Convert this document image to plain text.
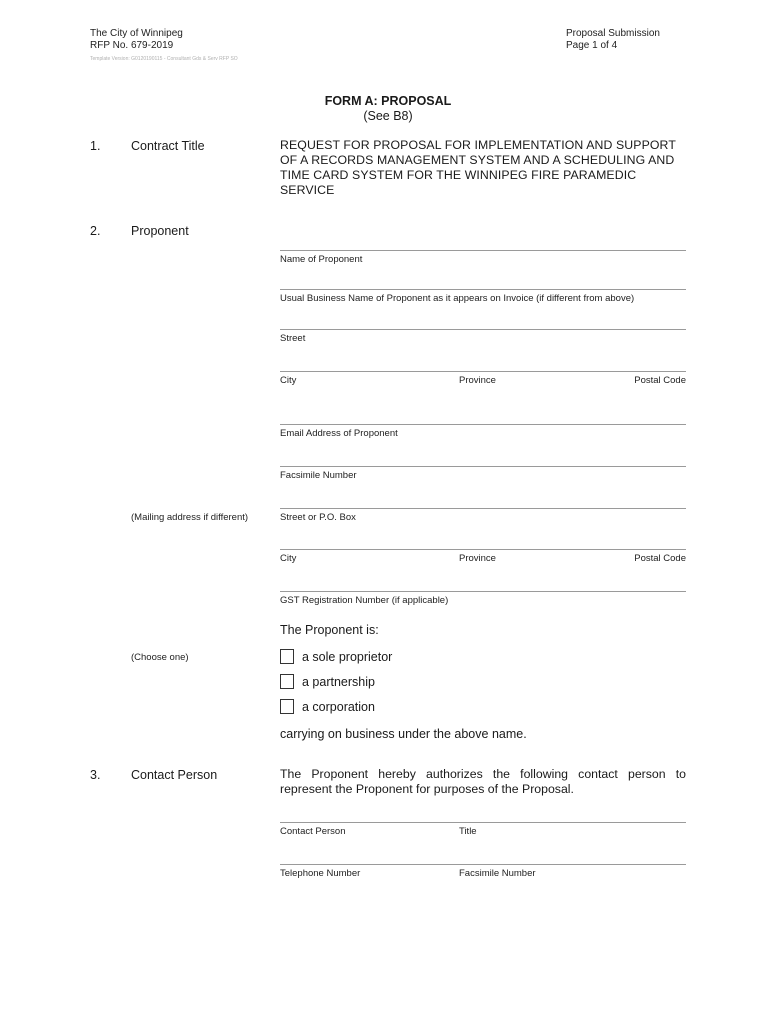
The City of Winnipeg
RFP No. 679-2019
Template Version: G0120190115 - Consultant Gds & Serv RFP SO
Proposal Submission
Page 1 of 4
FORM A: PROPOSAL
(See B8)
1. Contract Title	REQUEST FOR PROPOSAL FOR IMPLEMENTATION AND SUPPORT OF A RECORDS MANAGEMENT SYSTEM AND A SCHEDULING AND TIME CARD SYSTEM FOR THE WINNIPEG FIRE PARAMEDIC SERVICE
2. Proponent
Name of Proponent
Usual Business Name of Proponent as it appears on Invoice (if different from above)
Street
City	Province	Postal Code
Email Address of Proponent
Facsimile Number
(Mailing address if different)	Street or P.O. Box
City	Province	Postal Code
GST Registration Number (if applicable)
The Proponent is:
(Choose one)	a sole proprietor
a partnership
a corporation
carrying on business under the above name.
3. Contact Person	The Proponent hereby authorizes the following contact person to represent the Proponent for purposes of the Proposal.
Contact Person	Title
Telephone Number	Facsimile Number
